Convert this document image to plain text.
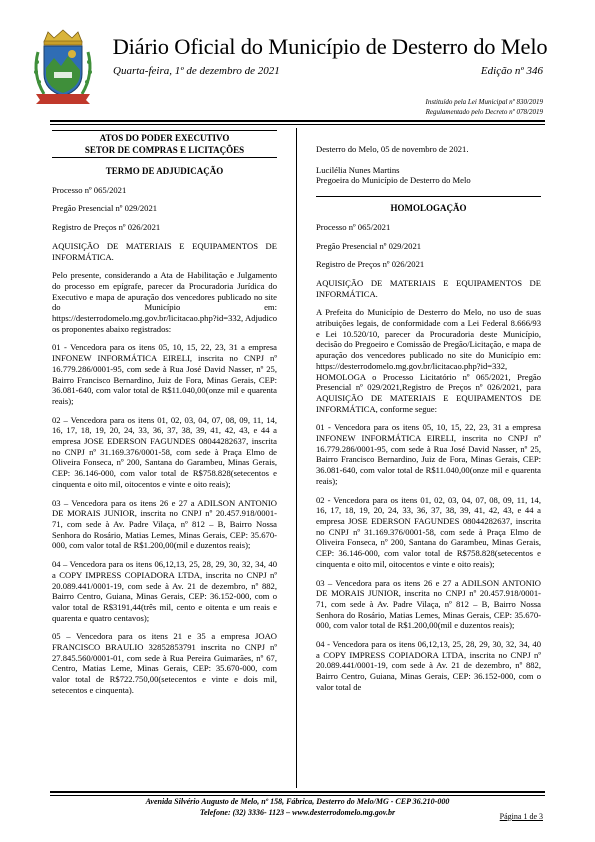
Diário Oficial do Município de Desterro do Melo
Quarta-feira, 1º de dezembro de 2021	Edição nº 346
Instituído pela Lei Municipal nº 830/2019
Regulamentado pelo Decreto nº 078/2019
ATOS DO PODER EXECUTIVO
SETOR DE COMPRAS E LICITAÇÕES
TERMO DE ADJUDICAÇÃO

Processo nº 065/2021

Pregão Presencial nº 029/2021

Registro de Preços nº 026/2021

AQUISIÇÃO DE MATERIAIS E EQUIPAMENTOS DE INFORMÁTICA.

Pelo presente, considerando a Ata de Habilitação e Julgamento do processo em epígrafe, parecer da Procuradoria Jurídica do Executivo e mapa de apuração dos vencedores publicado no site do Município em: https://desterrodomelo.mg.gov.br/licitacao.php?id=332, Adjudico os proponentes abaixo registrados:

01 - Vencedora para os itens 05, 10, 15, 22, 23, 31 a empresa INFONEW INFORMÁTICA EIRELI, inscrita no CNPJ nº 16.779.286/0001-95, com sede à Rua José David Nasser, nº 25, Bairro Francisco Bernardino, Juiz de Fora, Minas Gerais, CEP: 36.081-640, com valor total de R$11.040,00(onze mil e quarenta reais);

02 – Vencedora para os itens 01, 02, 03, 04, 07, 08, 09, 11, 14, 16, 17, 18, 19, 20, 24, 33, 36, 37, 38, 39, 41, 42, 43, e 44 a empresa JOSE EDERSON FAGUNDES 08044282637, inscrita no CNPJ nº 31.169.376/0001-58, com sede à Praça Elmo de Oliveira Fonseca, nº 200, Santana do Garambeu, Minas Gerais, CEP: 36.146-000, com valor total de R$758.828(setecentos e cinquenta e oito mil, oitocentos e vinte e oito reais);

03 – Vencedora para os itens 26 e 27 a ADILSON ANTONIO DE MORAIS JUNIOR, inscrita no CNPJ nº 20.457.918/0001-71, com sede à Av. Padre Vilaça, nº 812 – B, Bairro Nossa Senhora do Rosário, Matias Lemes, Minas Gerais, CEP: 35.670-000, com valor total de R$1.200,00(mil e duzentos reais);

04 – Vencedora para os itens 06,12,13, 25, 28, 29, 30, 32, 34, 40 a COPY IMPRESS COPIADORA LTDA, inscrita no CNPJ nº 20.089.441/0001-19, com sede à Av. 21 de dezembro, nº 882, Bairro Centro, Guiana, Minas Gerais, CEP: 36.152-000, com o valor total de R$3191,44(três mil, cento e oitenta e um reais e quarenta e quatro centavos);

05 – Vencedora para os itens 21 e 35 a empresa JOAO FRANCISCO BRAULIO 32852853791 inscrita no CNPJ nº 27.845.560/0001-01, com sede à Rua Pereira Guimarães, nº 67, Centro, Matias Leme, Minas Gerais, CEP: 35.670-000, com valor total de R$722.750,00(setecentos e vinte e dois mil, setecentos e cinquenta).

Desterro do Melo, 05 de novembro de 2021.

Lucilélia Nunes Martins

Pregoeira do Município de Desterro do Melo

HOMOLOGAÇÃO

Processo nº 065/2021

Pregão Presencial nº 029/2021

Registro de Preços nº 026/2021

AQUISIÇÃO DE MATERIAIS E EQUIPAMENTOS DE INFORMÁTICA.

A Prefeita do Município de Desterro do Melo, no uso de suas atribuições legais, de conformidade com a Lei Federal 8.666/93 e Lei 10.520/10, parecer da Procuradoria deste Município, decisão do Pregoeiro e Comissão de Pregão/Licitação, e mapa de apuração dos vencedores publicado no site do Município em: https://desterrodomelo.mg.gov.br/licitacao.php?id=332, HOMOLOGA o Processo Licitatório nº 065/2021, Pregão Presencial nº 029/2021,Registro de Preços nº 026/2021, para AQUISIÇÃO DE MATERIAIS E EQUIPAMENTOS DE INFORMÁTICA, conforme segue:

01 - Vencedora para os itens 05, 10, 15, 22, 23, 31 a empresa INFONEW INFORMÁTICA EIRELI, inscrita no CNPJ nº 16.779.286/0001-95, com sede à Rua José David Nasser, nº 25, Bairro Francisco Bernardino, Juiz de Fora, Minas Gerais, CEP: 36.081-640, com valor total de R$11.040,00(onze mil e quarenta reais);

02 - Vencedora para os itens 01, 02, 03, 04, 07, 08, 09, 11, 14, 16, 17, 18, 19, 20, 24, 33, 36, 37, 38, 39, 41, 42, 43, e 44 a empresa JOSE EDERSON FAGUNDES 08044282637, inscrita no CNPJ nº 31.169.376/0001-58, com sede à Praça Elmo de Oliveira Fonseca, nº 200, Santana do Garambeu, Minas Gerais, CEP: 36.146-000, com valor total de R$758.828(setecentos e cinquenta e oito mil, oitocentos e vinte e oito reais);

03 – Vencedora para os itens 26 e 27 a ADILSON ANTONIO DE MORAIS JUNIOR, inscrita no CNPJ nº 20.457.918/0001-71, com sede à Av. Padre Vilaça, nº 812 – B, Bairro Nossa Senhora do Rosário, Matias Lemes, Minas Gerais, CEP: 35.670-000, com valor total de R$1.200,00(mil e duzentos reais);

04 - Vencedora para os itens 06,12,13, 25, 28, 29, 30, 32, 34, 40 a COPY IMPRESS COPIADORA LTDA, inscrita no CNPJ nº 20.089.441/0001-19, com sede à Av. 21 de dezembro, nº 882, Bairro Centro, Guiana, Minas Gerais, CEP: 36.152-000, com o valor total de

Avenida Silvério Augusto de Melo, nº 158, Fábrica, Desterro do Melo/MG - CEP 36.210-000
Telefone: (32) 3336- 1123 – www.desterrodomelo.mg.gov.br	Página 1 de 3
